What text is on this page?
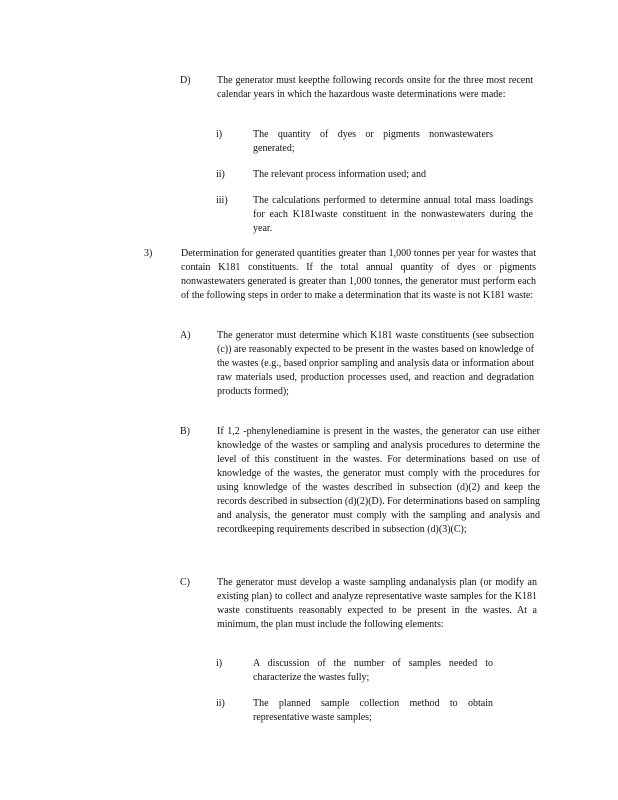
D)	The generator must keepthe following records onsite for the three most recent calendar years in which the hazardous waste determinations were made:
i)	The quantity of dyes or pigments nonwastewaters generated;
ii)	The relevant process information used; and
iii)	The calculations performed to determine annual total mass loadings for each K181waste constituent in the nonwastewaters during the year.
3)	Determination for generated quantities greater than 1,000 tonnes per year for wastes that contain K181 constituents. If the total annual quantity of dyes or pigments nonwastewaters generated is greater than 1,000 tonnes, the generator must perform each of the following steps in order to make a determination that its waste is not K181 waste:
A)	The generator must determine which K181 waste constituents (see subsection (c)) are reasonably expected to be present in the wastes based on knowledge of the wastes (e.g., based onprior sampling and analysis data or information about raw materials used, production processes used, and reaction and degradation products formed);
B)	If 1,2 -phenylenediamine is present in the wastes, the generator can use either knowledge of the wastes or sampling and analysis procedures to determine the level of this constituent in the wastes. For determinations based on use of knowledge of the wastes, the generator must comply with the procedures for using knowledge of the wastes described in subsection (d)(2) and keep the records described in subsection (d)(2)(D). For determinations based on sampling and analysis, the generator must comply with the sampling and analysis and recordkeeping requirements described in subsection (d)(3)(C);
C)	The generator must develop a waste sampling andanalysis plan (or modify an existing plan) to collect and analyze representative waste samples for the K181 waste constituents reasonably expected to be present in the wastes. At a minimum, the plan must include the following elements:
i)	A discussion of the number of samples needed to characterize the wastes fully;
ii)	The planned sample collection method to obtain representative waste samples;
